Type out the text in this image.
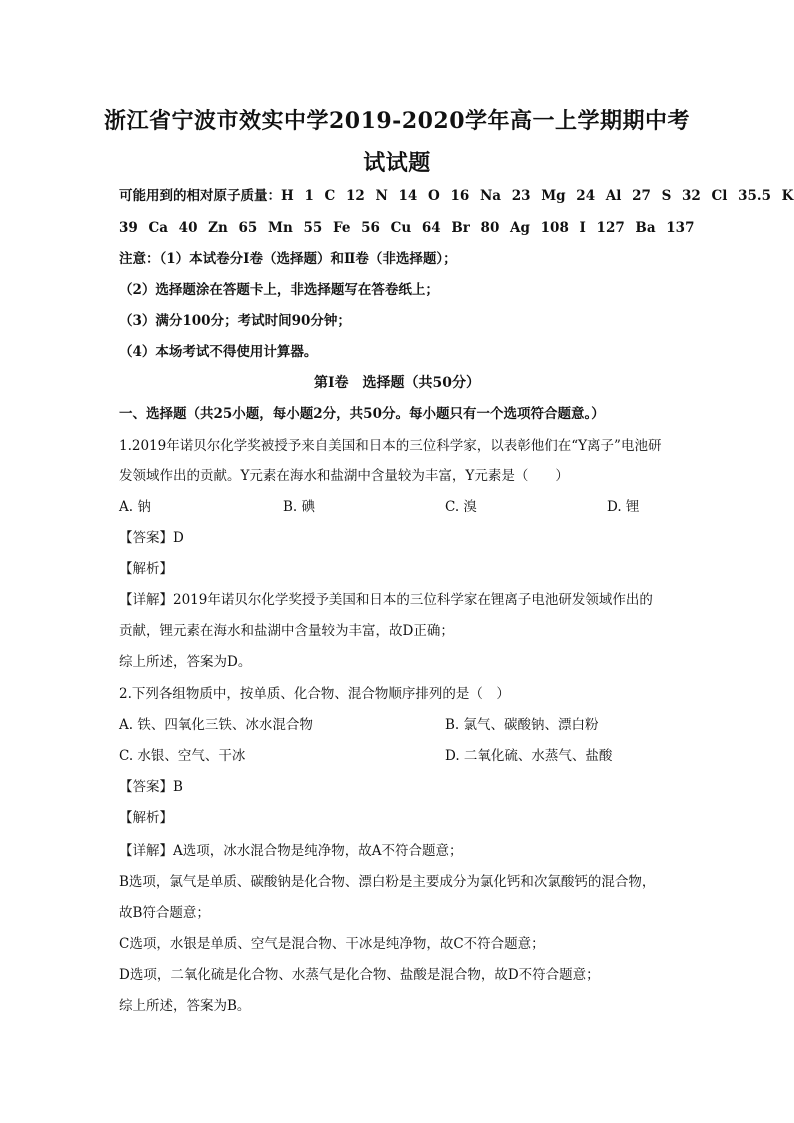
浙江省宁波市效实中学2019-2020学年高一上学期期中考
试试题
可能用到的相对原子质量：H 1 C 12 N 14 O 16 Na 23 Mg 24 Al 27 S 32 Cl 35.5 K
39 Ca 40 Zn 65 Mn 55 Fe 56 Cu 64 Br 80 Ag 108 I 127 Ba 137
注意：（1）本试卷分Ⅰ卷（选择题）和Ⅱ卷（非选择题）；
（2）选择题涂在答题卡上，非选择题写在答卷纸上；
（3）满分100分；考试时间90分钟；
（4）本场考试不得使用计算器。
第Ⅰ卷　选择题（共50分）
一、选择题（共25小题，每小题2分，共50分。每小题只有一个选项符合题意。）
1.2019年诺贝尔化学奖被授予来自美国和日本的三位科学家，以表彰他们在“Y离子”电池研
发领域作出的贡献。Y元素在海水和盐湖中含量较为丰富，Y元素是（　　）
A. 钠	B. 碘	C. 溴	D. 锂
【答案】D
【解析】
【详解】2019年诺贝尔化学奖授予美国和日本的三位科学家在锂离子电池研发领域作出的
贡献，锂元素在海水和盐湖中含量较为丰富，故D正确；
综上所述，答案为D。
2.下列各组物质中，按单质、化合物、混合物顺序排列的是（　）
A. 铁、四氧化三铁、冰水混合物	B. 氯气、碳酸钠、漂白粉
C. 水银、空气、干冰	D. 二氧化硫、水蒸气、盐酸
【答案】B
【解析】
【详解】A选项，冰水混合物是纯净物，故A不符合题意；
B选项，氯气是单质、碳酸钠是化合物、漂白粉是主要成分为氯化钙和次氯酸钙的混合物，
故B符合题意；
C选项，水银是单质、空气是混合物、干冰是纯净物，故C不符合题意；
D选项，二氧化硫是化合物、水蒸气是化合物、盐酸是混合物，故D不符合题意；
综上所述，答案为B。
